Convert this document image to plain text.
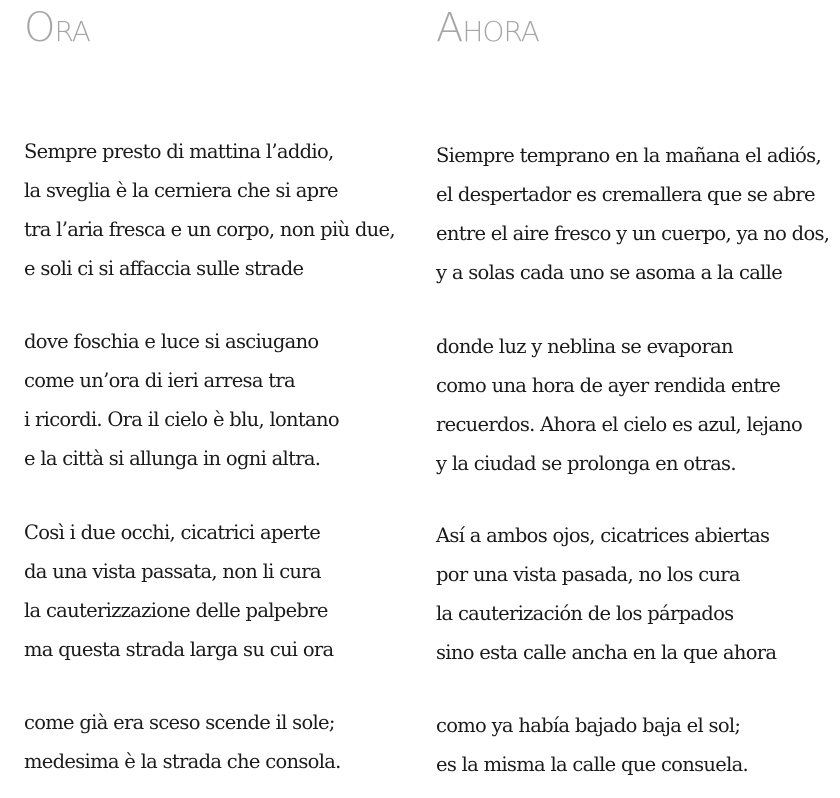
Ora

Sempre presto di mattina l’addio,
la sveglia è la cerniera che si apre
tra l’aria fresca e un corpo, non più due,
e soli ci si affaccia sulle strade

dove foschia e luce si asciugano
come un’ora di ieri arresa tra
i ricordi. Ora il cielo è blu, lontano
e la città si allunga in ogni altra.

Così i due occhi, cicatrici aperte
da una vista passata, non li cura
la cauterizzazione delle palpebre
ma questa strada larga su cui ora

come già era sceso scende il sole;
medesima è la strada che consola.

Ahora

Siempre temprano en la mañana el adiós,
el despertador es cremallera que se abre
entre el aire fresco y un cuerpo, ya no dos,
y a solas cada uno se asoma a la calle

donde luz y neblina se evaporan
como una hora de ayer rendida entre
recuerdos. Ahora el cielo es azul, lejano
y la ciudad se prolonga en otras.

Así a ambos ojos, cicatrices abiertas
por una vista pasada, no los cura
la cauterización de los párpados
sino esta calle ancha en la que ahora

como ya había bajado baja el sol;
es la misma la calle que consuela.
